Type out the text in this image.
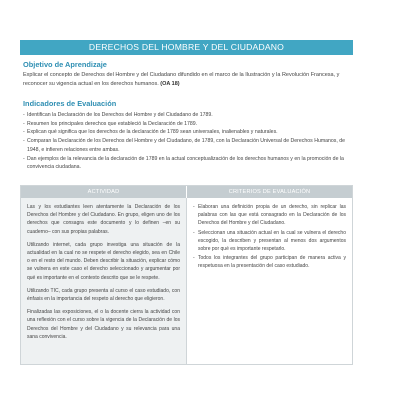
DERECHOS DEL HOMBRE Y DEL CIUDADANO
Objetivo de Aprendizaje
Explicar el concepto de Derechos del Hombre y del Ciudadano difundido en el marco de la Ilustración y la Revolución Francesa, y reconocer su vigencia actual en los derechos humanos. (OA 18)
Indicadores de Evaluación
- Identifican la Declaración de los Derechos del Hombre y del Ciudadano de 1789.
- Resumen los principales derechos que estableció la Declaración de 1789.
- Explican qué significa que los derechos de la declaración de 1789 sean universales, inalienables y naturales.
- Comparan la Declaración de los Derechos del Hombre y del Ciudadano, de 1789, con la Declaración Universal de Derechos Humanos, de 1948, e infieren relaciones entre ambas.
- Dan ejemplos de la relevancia de la declaración de 1789 en la actual conceptualización de los derechos humanos y en la promoción de la convivencia ciudadana.
ACTIVIDAD	CRITERIOS DE EVALUACIÓN

Las y los estudiantes leen atentamente la Declaración de los Derechos del Hombre y del Ciudadano. En grupo, eligen uno de los derechos que consagra este documento y lo definen –en su cuaderno– con sus propias palabras.

Utilizando internet, cada grupo investiga una situación de la actualidad en la cual no se respete el derecho elegido, sea en Chile o en el resto del mundo. Deben describir la situación, explicar cómo se vulnera en este caso el derecho seleccionado y argumentar por qué es importante en el contexto descrito que se le respete.

Utilizando TIC, cada grupo presenta al curso el caso estudiado, con énfasis en la importancia del respeto al derecho que eligieron.

Finalizadas las exposiciones, el o la docente cierra la actividad con una reflexión con el curso sobre la vigencia de la Declaración de los Derechos del Hombre y del Ciudadano y su relevancia para una sana convivencia.

- Elaboran una definición propia de un derecho, sin replicar las palabras con las que está consagrado en la Declaración de los Derechos del Hombre y del Ciudadano.
- Seleccionan una situación actual en la cual se vulnera el derecho escogido, la describen y presentan al menos dos argumentos sobre por qué es importante respetarlo.
- Todos los integrantes del grupo participan de manera activa y respetuosa en la presentación del caso estudiado.
